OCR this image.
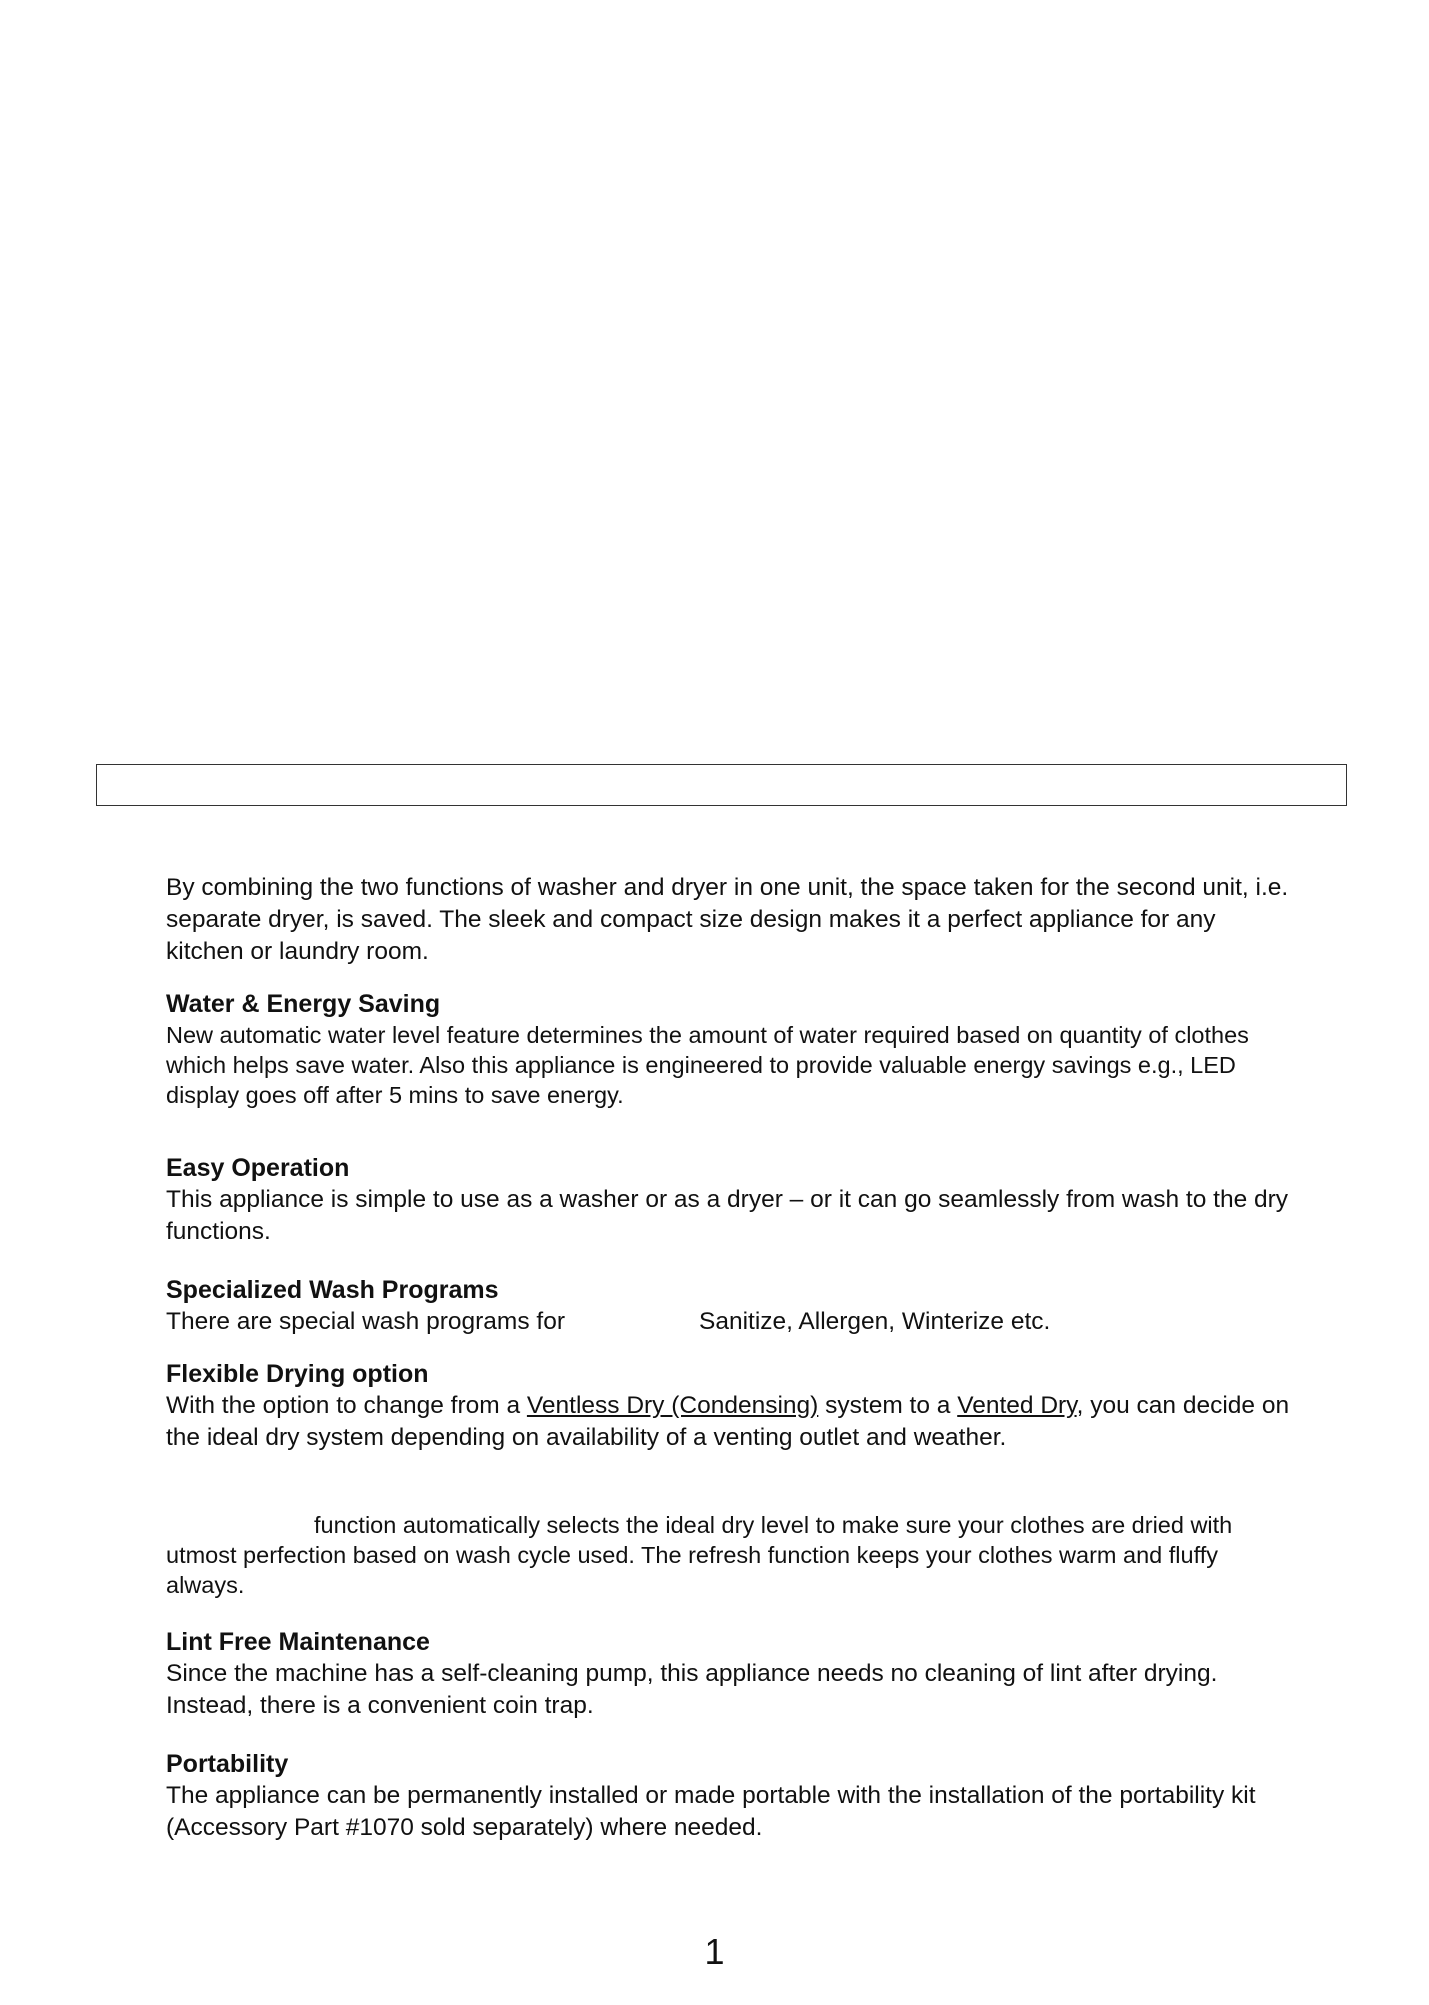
By combining the two functions of washer and dryer in one unit, the space taken for the second unit, i.e. separate dryer, is saved. The sleek and compact size design makes it a perfect appliance for any kitchen or laundry room.

Water & Energy Saving

New automatic water level feature determines the amount of water required based on quantity of clothes which helps save water. Also this appliance is engineered to provide valuable energy savings e.g., LED display goes off after 5 mins to save energy.

Easy Operation

This appliance is simple to use as a washer or as a dryer – or it can go seamlessly from wash to the dry functions.

Specialized Wash Programs

There are special wash programs for	Sanitize, Allergen, Winterize etc.

Flexible Drying option

With the option to change from a Ventless Dry (Condensing) system to a Vented Dry, you can decide on the ideal dry system depending on availability of a venting outlet and weather.

function automatically selects the ideal dry level to make sure your clothes are dried with utmost perfection based on wash cycle used. The refresh function keeps your clothes warm and fluffy always.

Lint Free Maintenance

Since the machine has a self-cleaning pump, this appliance needs no cleaning of lint after drying. Instead, there is a convenient coin trap.

Portability

The appliance can be permanently installed or made portable with the installation of the portability kit (Accessory Part #1070 sold separately) where needed.

1
